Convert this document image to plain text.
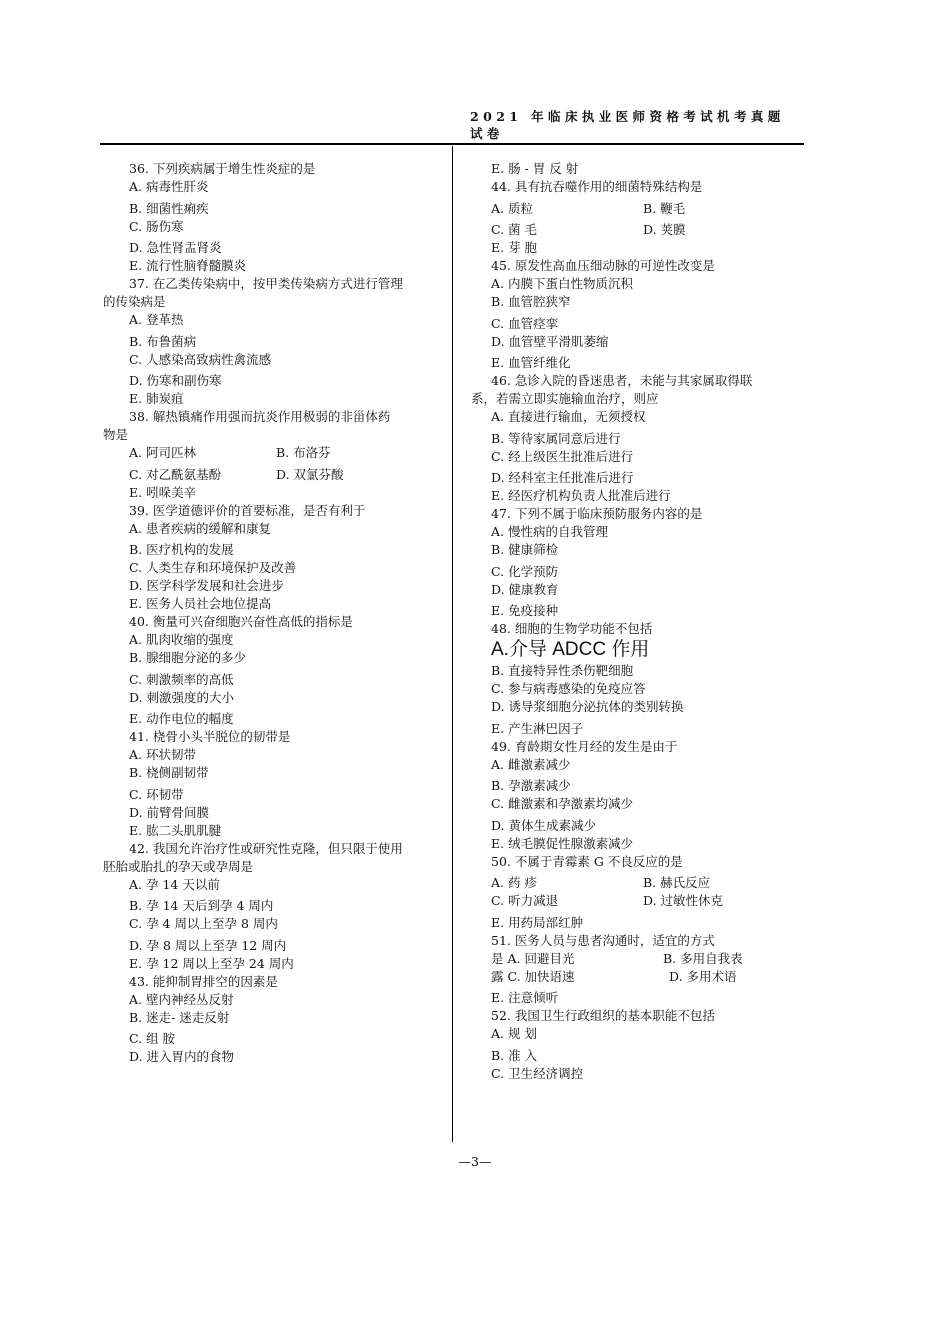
2021 年临床执业医师资格考试机考真题
试卷
36. 下列疾病属于增生性炎症的是
A. 病毒性肝炎
B. 细菌性痢疾
C. 肠伤寒
D. 急性肾盂肾炎
E. 流行性脑脊髓膜炎
37. 在乙类传染病中，按甲类传染病方式进行管理
的传染病是
A. 登革热
B. 布鲁菌病
C. 人感染高致病性禽流感
D. 伤寒和副伤寒
E. 肺炭疽
38. 解热镇痛作用强而抗炎作用极弱的非甾体药
物是
A. 阿司匹林	B. 布洛芬
C. 对乙酰氨基酚	D. 双氯芬酸
E. 吲哚美辛
39. 医学道德评价的首要标准，是否有利于
A. 患者疾病的缓解和康复
B. 医疗机构的发展
C. 人类生存和环境保护及改善
D. 医学科学发展和社会进步
E. 医务人员社会地位提高
40. 衡量可兴奋细胞兴奋性高低的指标是
A. 肌肉收缩的强度
B. 腺细胞分泌的多少
C. 刺激频率的高低
D. 刺激强度的大小
E. 动作电位的幅度
41. 桡骨小头半脱位的韧带是
A. 环状韧带
B. 桡侧副韧带
C. 环韧带
D. 前臂骨间膜
E. 肱二头肌肌腱
42. 我国允许治疗性或研究性克隆，但只限于使用
胚胎或胎扎的孕天或孕周是
A. 孕 14 天以前
B. 孕 14 天后到孕 4 周内
C. 孕 4 周以上至孕 8 周内
D. 孕 8 周以上至孕 12 周内
E. 孕 12 周以上至孕 24 周内
43. 能抑制胃排空的因素是
A. 壁内神经丛反射
B. 迷走- 迷走反射
C. 组 胺
D. 进入胃内的食物
E. 肠 - 胃 反 射
44. 具有抗吞噬作用的细菌特殊结构是
A. 质粒	B. 鞭毛
C. 菌 毛	D. 荚膜
E. 芽 胞
45. 原发性高血压细动脉的可逆性改变是
A. 内膜下蛋白性物质沉积
B. 血管腔狭窄
C. 血管痉挛
D. 血管壁平滑肌萎缩
E. 血管纤维化
46. 急诊入院的昏迷患者，未能与其家属取得联
系，若需立即实施输血治疗，则应
A. 直接进行输血，无须授权
B. 等待家属同意后进行
C. 经上级医生批准后进行
D. 经科室主任批准后进行
E. 经医疗机构负责人批准后进行
47. 下列不属于临床预防服务内容的是
A. 慢性病的自我管理
B. 健康筛检
C. 化学预防
D. 健康教育
E. 免疫接种
48. 细胞的生物学功能不包括
A.介导 ADCC 作用
B. 直接特异性杀伤靶细胞
C. 参与病毒感染的免疫应答
D. 诱导浆细胞分泌抗体的类别转换
E. 产生淋巴因子
49. 育龄期女性月经的发生是由于
A. 雌激素减少
B. 孕激素减少
C. 雌激素和孕激素均减少
D. 黄体生成素减少
E. 绒毛膜促性腺激素减少
50. 不属于青霉素 G 不良反应的是
A. 药 疹	B. 赫氏反应
C. 听力减退	D. 过敏性休克
E. 用药局部红肿
51. 医务人员与患者沟通时，适宜的方式
是 A. 回避目光	B. 多用自我表
露 C. 加快语速	D. 多用术语
E. 注意倾听
52. 我国卫生行政组织的基本职能不包括
A. 规 划
B. 准 入
C. 卫生经济调控
—3—
